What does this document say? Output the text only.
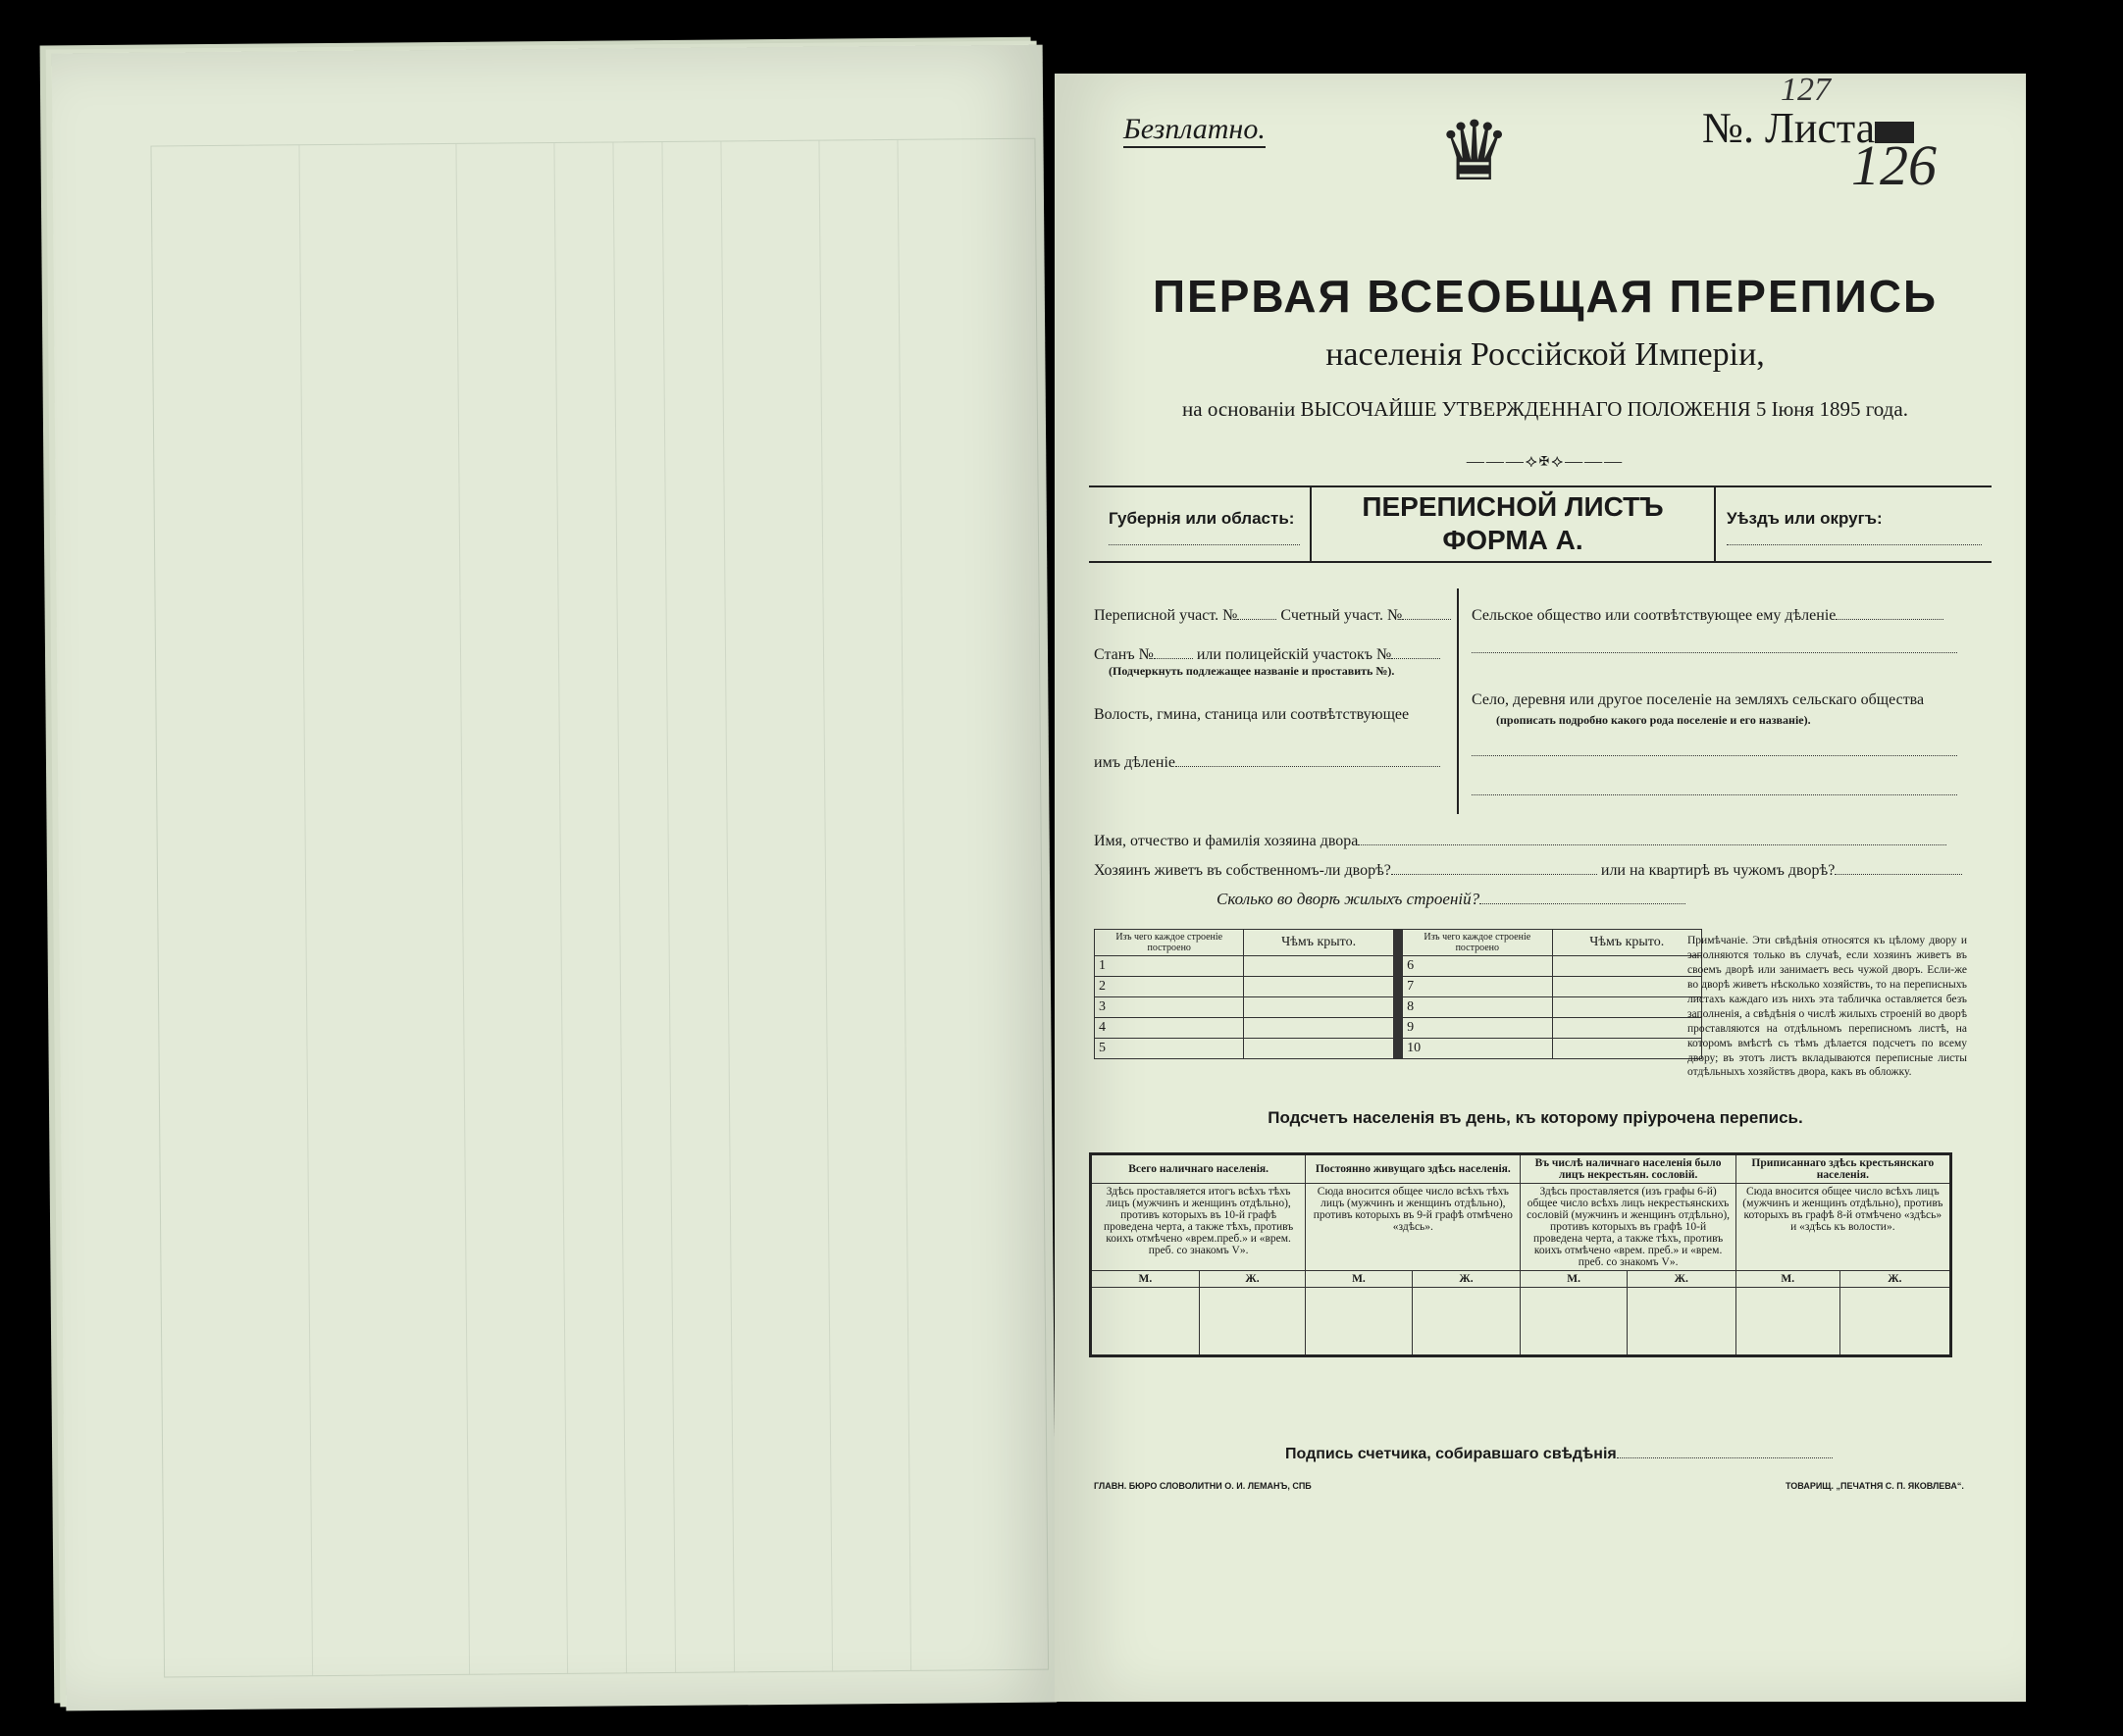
Безплатно. ♛	№. Листа
127
126
ПЕРВАЯ ВСЕОБЩАЯ ПЕРЕПИСЬ
населенія Россійской Имперіи,
на основаніи ВЫСОЧАЙШЕ УТВЕРЖДЕННАГО ПОЛОЖЕНІЯ 5 Іюня 1895 года.
———⟡✠⟡———
Губернія или область:	ПЕРЕПИСНОЙ ЛИСТЪ
ФОРМА А.
Уѣздъ или округъ:
Переписной участ. №	Счетный участ. №
Станъ №	или полицейскій участокъ №
(Подчеркнуть подлежащее названіе и проставить №).
Волость, гмина, станица или соотвѣтствующее
имъ дѣленіе
Сельское общество или соотвѣтствующее ему дѣленіе
Село, деревня или другое поселеніе на земляхъ сельскаго общества
(прописать подробно какого рода поселеніе и его названіе).
Имя, отчество и фамилія хозяина двора
Хозяинъ живетъ въ собственномъ-ли дворѣ?	или на квартирѣ въ чужомъ дворѣ?
Сколько во дворѣ жилыхъ строеній?
Изъ чего каждое строеніе построено	Чѣмъ крыто.		Изъ чего каждое строеніе построено	Чѣмъ крыто.
1			6	
2			7	
3			8	
4			9	
5			10	
Примѣчаніе. Эти свѣдѣнія относятся къ цѣлому двору и заполняются только въ случаѣ, если хозяинъ живетъ въ своемъ дворѣ или занимаетъ весь чужой дворъ. Если-же во дворѣ живетъ нѣсколько хозяйствъ, то на переписныхъ листахъ каждаго изъ нихъ эта табличка оставляется безъ заполненія, а свѣдѣнія о числѣ жилыхъ строеній во дворѣ проставляются на отдѣльномъ переписномъ листѣ, на которомъ вмѣстѣ съ тѣмъ дѣлается подсчетъ по всему двору; въ этотъ листъ вкладываются переписные листы отдѣльныхъ хозяйствъ двора, какъ въ обложку.
Подсчетъ населенія въ день, къ которому пріурочена перепись.
Всего наличнаго населенія.		Постоянно живущаго здѣсь населенія.		Въ числѣ наличнаго населенія было лицъ некрестьян. сословій.		Приписаннаго здѣсь крестьянскаго населенія.	
Здѣсь проставляется итогъ всѣхъ тѣхъ лицъ (мужчинъ и женщинъ отдѣльно), противъ которыхъ въ 10-й графѣ проведена черта, а также тѣхъ, противъ коихъ отмѣчено «врем.преб.» и «врем. преб. со знакомъ V».		Сюда вносится общее число всѣхъ тѣхъ лицъ (мужчинъ и женщинъ отдѣльно), противъ которыхъ въ 9-й графѣ отмѣчено «здѣсь».		Здѣсь проставляется (изъ графы 6-й) общее число всѣхъ лицъ некрестьянскихъ сословій (мужчинъ и женщинъ отдѣльно), противъ которыхъ въ графѣ 10-й проведена черта, а также тѣхъ, противъ коихъ отмѣчено «врем. преб.» и «врем. преб. со знакомъ V».		Сюда вносится общее число всѣхъ лицъ (мужчинъ и женщинъ отдѣльно), противъ которыхъ въ графѣ 8-й отмѣчено «здѣсь» и «здѣсь къ волости».	
М.	Ж.	М.	Ж.	М.	Ж.	М.	Ж.

Подпись счетчика, собиравшаго свѣдѣнія
ГЛАВН. БЮРО СЛОВОЛИТНИ О. И. ЛЕМАНЪ, СПБ	ТОВАРИЩ. „ПЕЧАТНЯ С. П. ЯКОВЛЕВА“.
